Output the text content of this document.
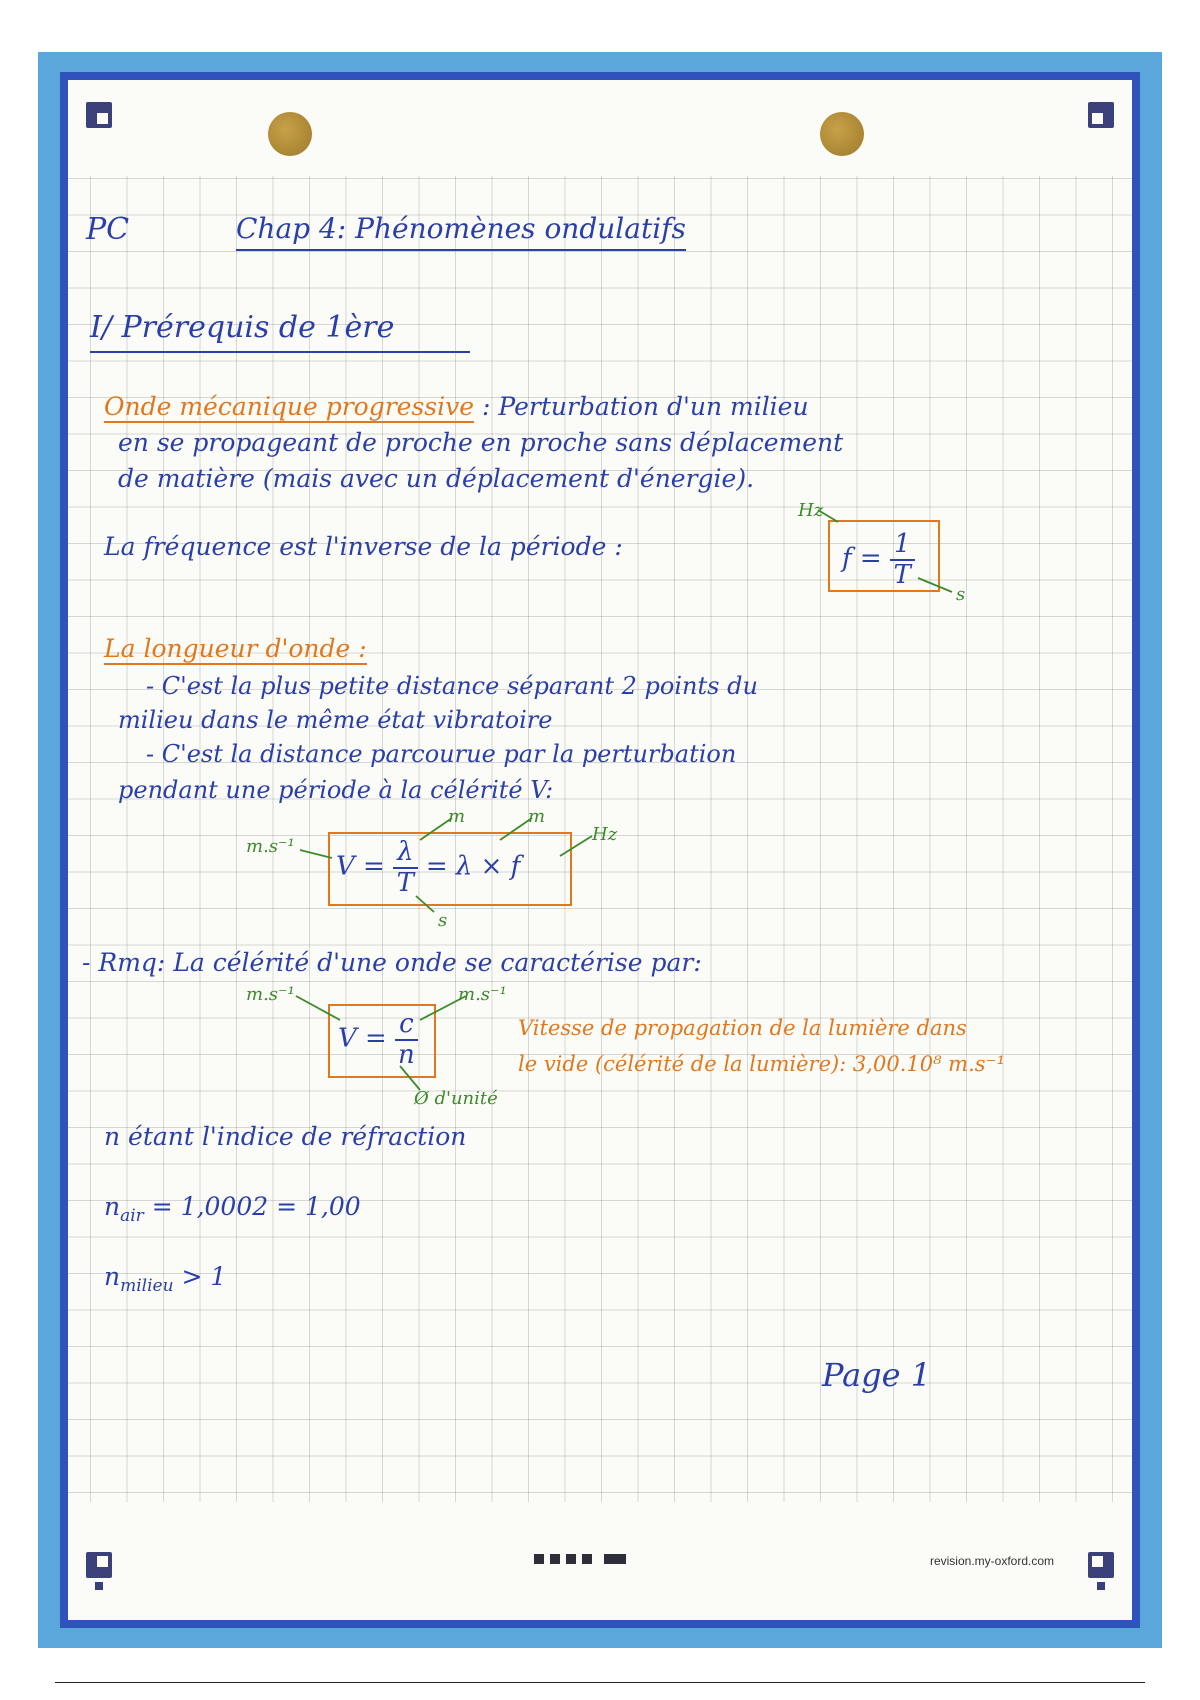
revision.my-oxford.com
PC	Chap 4: Phénomènes ondulatifs
I/ Prérequis de 1ère
Onde mécanique progressive : Perturbation d'un milieu
en se propageant de proche en proche sans déplacement
de matière (mais avec un déplacement d'énergie).
La fréquence est l'inverse de la période :
Hz
$f = \frac{1}{T}$
s
La longueur d'onde :
- C'est la plus petite distance séparant 2 points du
milieu dans le même état vibratoire
- C'est la distance parcourue par la perturbation
pendant une période à la célérité V:
m.s⁻¹
m	m
Hz
$V = \frac{\lambda}{T} = \lambda \times f$
s
- Rmq: La célérité d'une onde se caractérise par:
m.s⁻¹	m.s⁻¹
$V = \frac{c}{n}$
Ø d'unité
Vitesse de propagation de la lumière dans
le vide (célérité de la lumière): 3,00.10⁸ m.s⁻¹
n étant l'indice de réfraction
$n_{air} = 1,0002 = 1,00$
$n_{milieu} > 1$
Page 1
